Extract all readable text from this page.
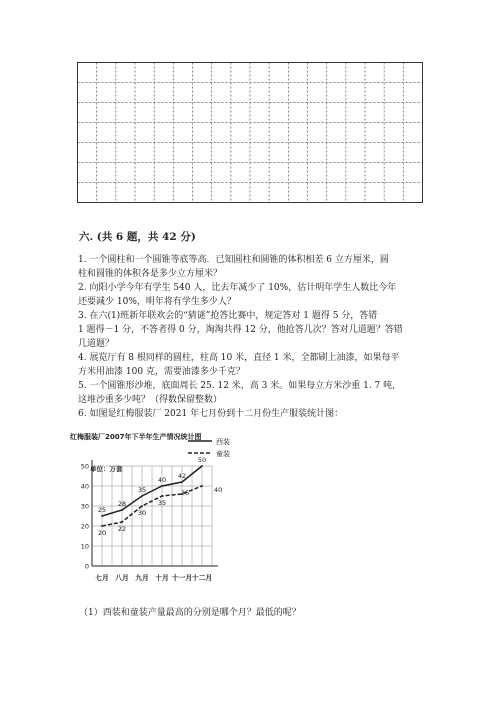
六. (共 6 题，共 42 分)

1. 一个圆柱和一个圆锥等底等高．已知圆柱和圆锥的体积相差 6 立方厘米，圆

柱和圆锥的体积各是多少立方厘米？

2. 向阳小学今年有学生 540 人，比去年减少了 10%，估计明年学生人数比今年

还要减少 10%，明年将有学生多少人？

3. 在六(1)班新年联欢会的“猜谜”抢答比赛中，规定答对 1 题得 5 分，答错

1 题得－1 分，不答者得 0 分，淘淘共得 12 分，他抢答几次？答对几道题？答错

几道题？

4. 展览厅有 8 根同样的圆柱，柱高 10 米，直径 1 米，全都刷上油漆，如果每平

方米用油漆 100 克，需要油漆多少千克？

5. 一个圆锥形沙堆，底面周长 25. 12 米，高 3 米。如果每立方米沙重 1. 7 吨，

这堆沙重多少吨？（得数保留整数）

6. 如图是红梅服装厂 2021 年七月份到十二月份生产服装统计图：

红梅服装厂2007年下半年生产情况统计图
单位：万套
西装
童装
0
10
20
30
40
50
七月 八月 九月 十月 十一月 十二月
25
28
35
40 42
50
20 22
30
35
36	40

（1）西装和童装产量最高的分别是哪个月？最低的呢？
